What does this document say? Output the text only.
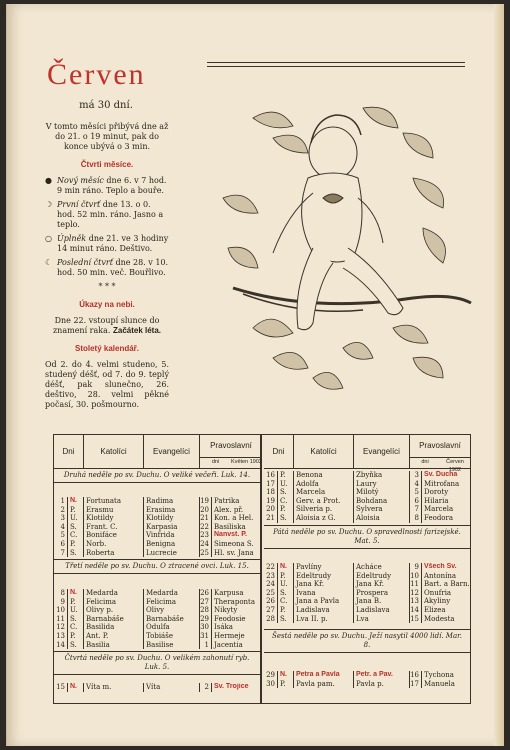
Červen
má 30 dní.

V tomto měsíci přibývá dne až do 21. o 19 minut, pak do konce ubývá o 3 min.

Čtvrti měsíce.
● Nový měsíc dne 6. v 7 hod. 9 min ráno. Teplo a bouře.
☽ První čtvrť dne 13. o 0. hod. 52 min. ráno. Jasno a teplo.
○ Úplněk dne 21. ve 3 hodiny 14 minut ráno. Deštivo.
☾ Poslední čtvrť dne 28. v 10. hod. 50 min. več. Bouřlivo.
* * *
Úkazy na nebi.

Dne 22. vstoupí slunce do znamení raka. Začátek léta.

Stoletý kalendář.

Od 2. do 4. velmi studeno, 5. studený déšť, od 7. do 9. teplý déšť, pak slunečno, 26. deštivo, 28. velmi pěkné počasí, 30. pošmourno.

Dni	Katolíci	Evangelíci
Pravoslavní
dni	Květen 1902
Druhá neděle po sv. Duchu. O veliké večeři. Luk. 14.
1 N.	Fortunata	Radima	19 Patrika
2 P.	Erasmu	Erasima	20 Alex. př.
3 Ú.	Klotildy	Klotildy	21 Kon. a Hel.
4 S.	Frant. C.	Karpasia	22 Basiliska
5 Č.	Bonifáce	Vinfrida	23 Nanvst. P.
6 P.	Norb.	Benigna	24 Simeona S.
7 S.	Roberta	Lucrecie	25 Hl. sv. Jana
Třetí neděle po sv. Duchu. O ztracené ovci. Luk. 15.
8 N.	Medarda	Medarda	26 Karpusa
9 P.	Felicima	Felicima	27 Theraponta
10 Ú.	Olivy p.	Olivy	28 Nikyty
11 S.	Barnabáše	Barnabáše	29 Feodosie
12 Č.	Basilida	Odulfa	30 Isáka
13 P.	Ant. P.	Tobiáše	31 Hermeje
14 S.	Basilia	Basilise	1 Jacentia
Čtvrtá neděle po sv. Duchu. O velikém zahonutí ryb. Luk. 5.
15 N.	Víta m.	Víta	2 Sv. Trojice
Dni	Katolíci	Evangelíci
Pravoslavní
dni	Červen 1902
16 P.	Benona	Zbyňka	3 Sv. Ducha
17 Ú.	Adolfa	Laury	4 Mitrofana
18 S.	Marcela	Milotý	5 Doroty
19 Č.	Gerv. a Prot.	Bohdana	6 Hilaria
20 P.	Silveria p.	Sylvera	7 Marcela
21 S.	Aloisia z G.	Aloisia	8 Feodora
Pátá neděle po sv. Duchu. O spravedlnosti farizejské. Mat. 5.
22 N.	Pavlíny	Acháce	9 Všech Sv.
23 P.	Edeltrudy	Edeltrudy	10 Antonína
24 Ú.	Jana Kř.	Jana Kř.	11 Bart. a Barn.
25 S.	Ivana	Prospera	12 Onufria
26 Č.	Jana a Pavla	Jana B.	13 Akyliny
27 P.	Ladislava	Ladislava	14 Elizea
28 S.	Lva II. p.	Lva	15 Modesta
Šestá neděle po sv. Duchu. Ježí nasytil 4000 lidí. Mar. 8.
29 N.	Petra a Pavla	Petr. a Pav.	16 Tychona
30 P.	Pavla pam.	Pavla p.	17 Manuela
